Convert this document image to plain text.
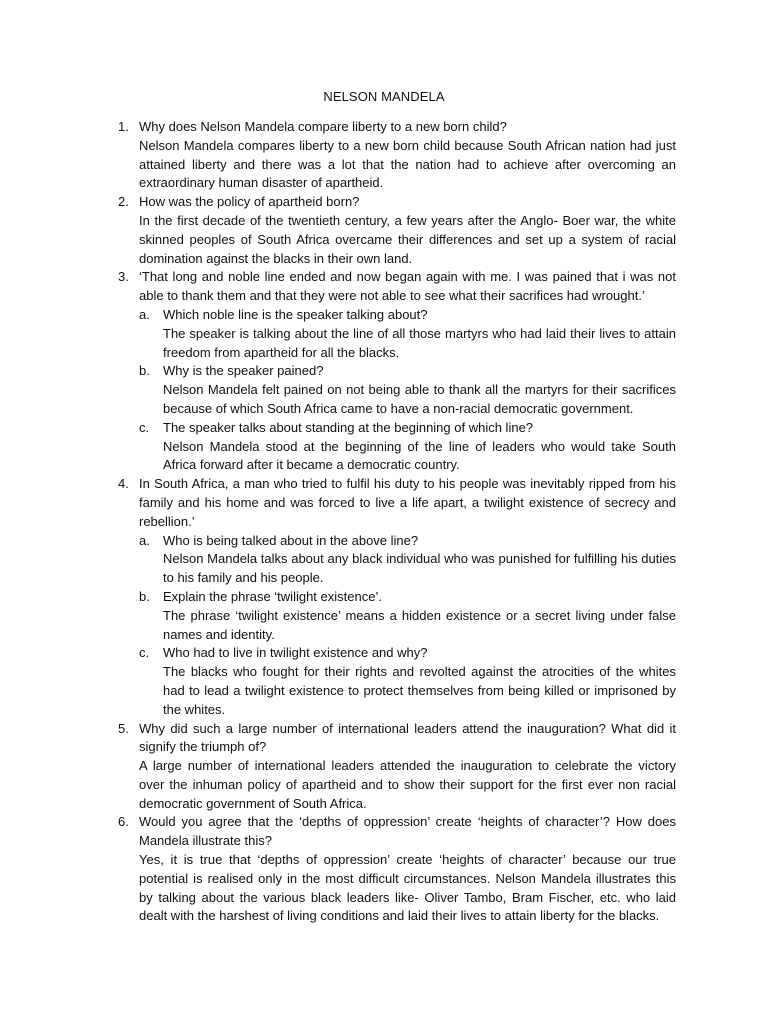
NELSON MANDELA
1. Why does Nelson Mandela compare liberty to a new born child?
Nelson Mandela compares liberty to a new born child because South African nation had just attained liberty and there was a lot that the nation had to achieve after overcoming an extraordinary human disaster of apartheid.
2. How was the policy of apartheid born?
In the first decade of the twentieth century, a few years after the Anglo- Boer war, the white skinned peoples of South Africa overcame their differences and set up a system of racial domination against the blacks in their own land.
3. ‘That long and noble line ended and now began again with me. I was pained that i was not able to thank them and that they were not able to see what their sacrifices had wrought.’
a. Which noble line is the speaker talking about?
The speaker is talking about the line of all those martyrs who had laid their lives to attain freedom from apartheid for all the blacks.
b. Why is the speaker pained?
Nelson Mandela felt pained on not being able to thank all the martyrs for their sacrifices because of which South Africa came to have a non-racial democratic government.
c. The speaker talks about standing at the beginning of which line?
Nelson Mandela stood at the beginning of the line of leaders who would take South Africa forward after it became a democratic country.
4. In South Africa, a man who tried to fulfil his duty to his people was inevitably ripped from his family and his home and was forced to live a life apart, a twilight existence of secrecy and rebellion.’
a. Who is being talked about in the above line?
Nelson Mandela talks about any black individual who was punished for fulfilling his duties to his family and his people.
b. Explain the phrase ‘twilight existence’.
The phrase ‘twilight existence’ means a hidden existence or a secret living under false names and identity.
c. Who had to live in twilight existence and why?
The blacks who fought for their rights and revolted against the atrocities of the whites had to lead a twilight existence to protect themselves from being killed or imprisoned by the whites.
5. Why did such a large number of international leaders attend the inauguration? What did it signify the triumph of?
A large number of international leaders attended the inauguration to celebrate the victory over the inhuman policy of apartheid and to show their support for the first ever non racial democratic government of South Africa.
6. Would you agree that the ‘depths of oppression’ create ‘heights of character’? How does Mandela illustrate this?
Yes, it is true that ‘depths of oppression’ create ‘heights of character’ because our true potential is realised only in the most difficult circumstances. Nelson Mandela illustrates this by talking about the various black leaders like- Oliver Tambo, Bram Fischer, etc. who laid dealt with the harshest of living conditions and laid their lives to attain liberty for the blacks.
